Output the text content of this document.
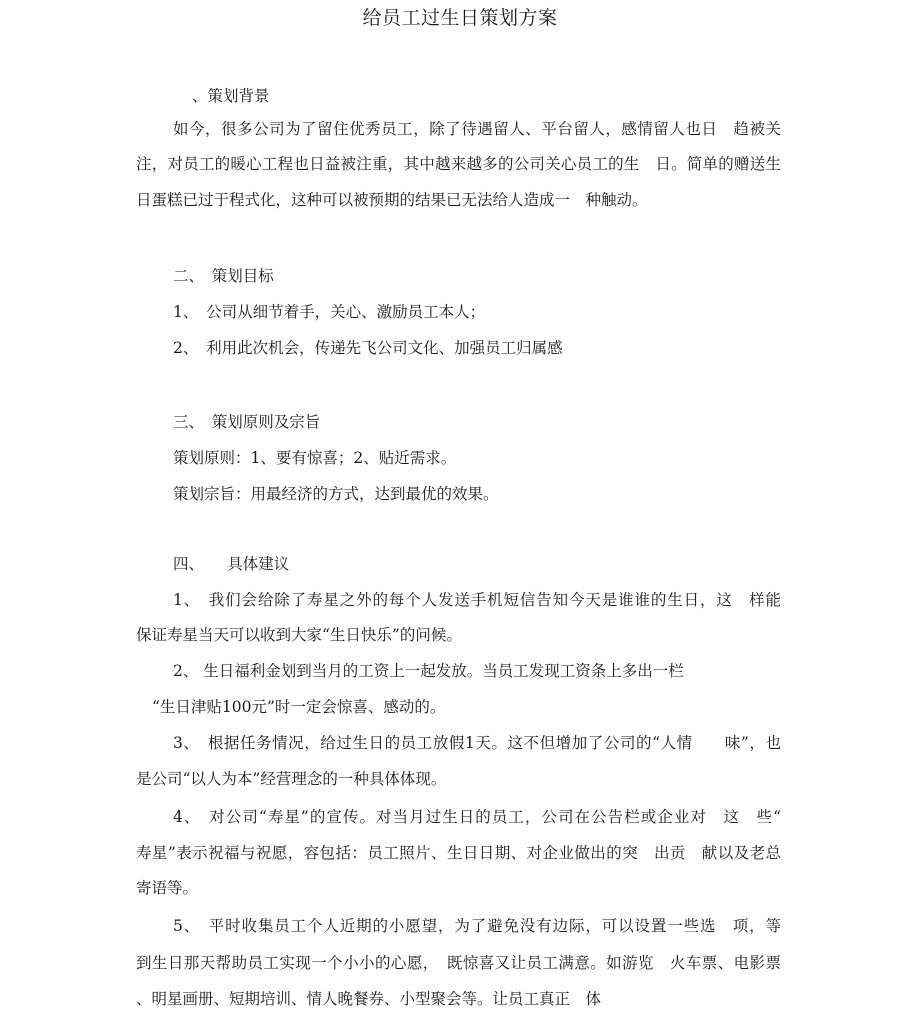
给员工过生日策划方案
、策划背景
如今，很多公司为了留住优秀员工，除了待遇留人、平台留人，感情留人也日　趋被关
注，对员工的暖心工程也日益被注重，其中越来越多的公司关心员工的生　日。简单的赠送生
日蛋糕已过于程式化，这种可以被预期的结果已无法给人造成一　种触动。
二、　策划目标
1、　公司从细节着手，关心、激励员工本人；
2、　利用此次机会，传递先飞公司文化、加强员工归属感
三、　策划原则及宗旨
策划原则：1、要有惊喜；2、贴近需求。
策划宗旨：用最经济的方式，达到最优的效果。
四、　　具体建议
1、　我们会给除了寿星之外的每个人发送手机短信告知今天是谁谁的生日，这　样能
保证寿星当天可以收到大家“生日快乐”的问候。
2、 生日福利金划到当月的工资上一起发放。当员工发现工资条上多出一栏
“生日津贴100元”时一定会惊喜、感动的。
3、　根据任务情况，给过生日的员工放假1天。这不但增加了公司的“人情　　味”，也
是公司“以人为本”经营理念的一种具体体现。
4、　对公司“寿星”的宣传。对当月过生日的员工，公司在公告栏或企业对　这　些“
寿星”表示祝福与祝愿，容包括：员工照片、生日日期、对企业做出的突　出贡　献以及老总
寄语等。
5、　平时收集员工个人近期的小愿望，为了避免没有边际，可以设置一些选　项，等
到生日那天帮助员工实现一个小小的心愿，　既惊喜又让员工满意。如游览　火车票、电影票
、明星画册、短期培训、情人晚餐券、小型聚会等。让员工真正　体
